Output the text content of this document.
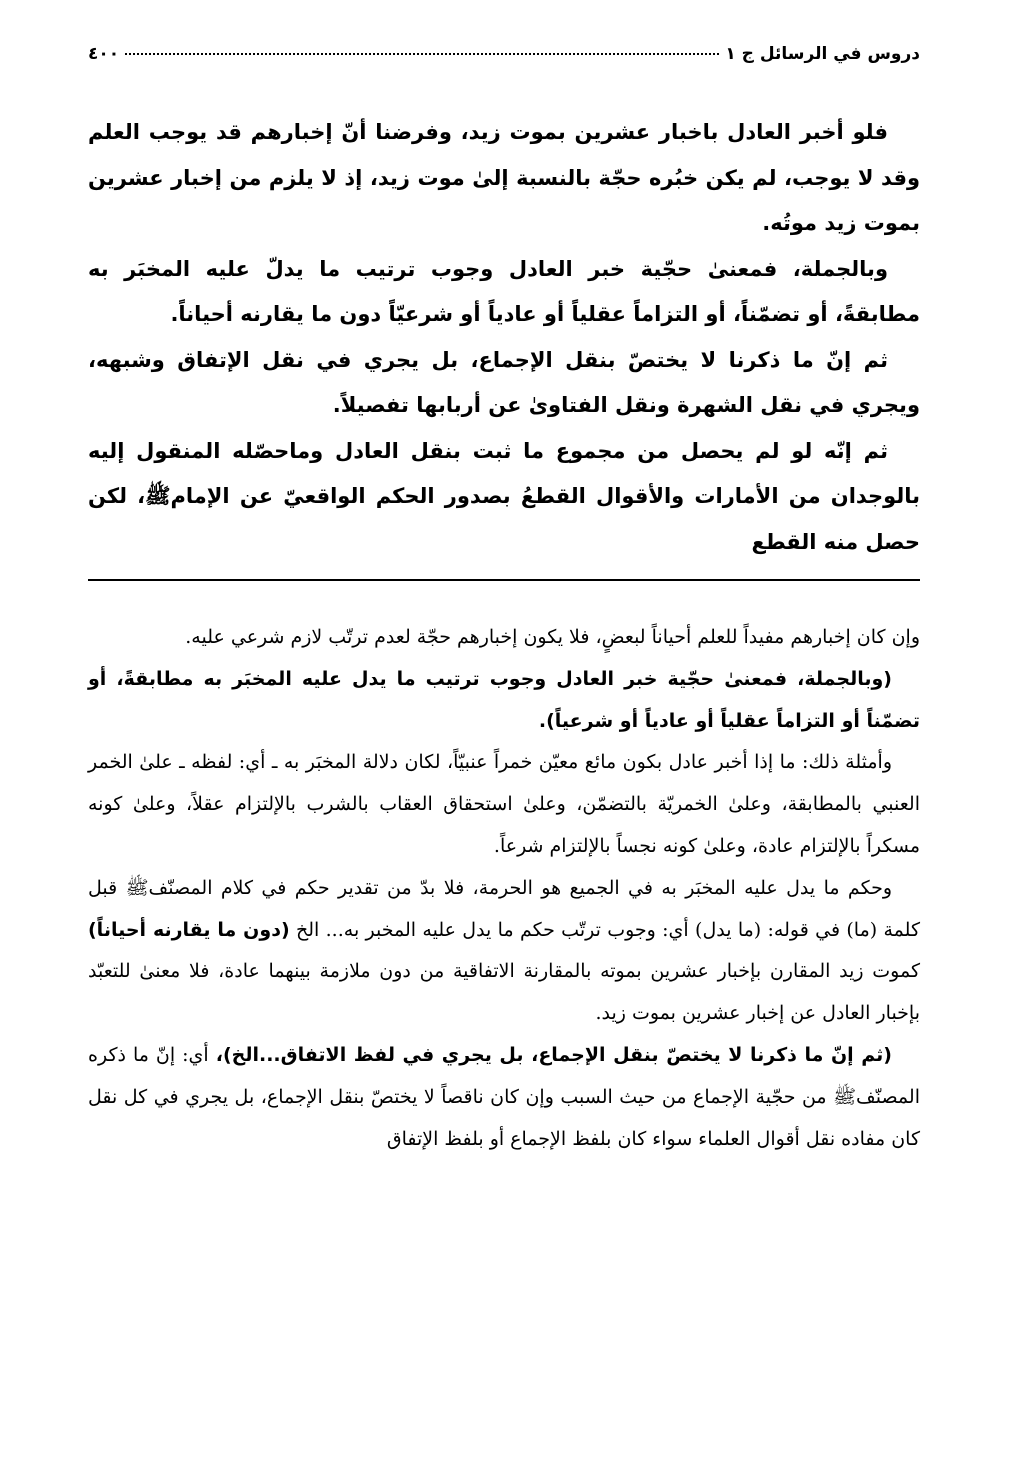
دروس في الرسائل ج ١
٤٠٠

فلو أخبر العادل باخبار عشرين بموت زيد، وفرضنا أنّ إخبارهم قد يوجب العلم وقد لا يوجب، لم يكن خبُره حجّة بالنسبة إلىٰ موت زيد، إذ لا يلزم من إخبار عشرين بموت زيد موتُه.

وبالجملة، فمعنىٰ حجّية خبر العادل وجوب ترتيب ما يدلّ عليه المخبَر به مطابقةً، أو تضمّناً، أو التزاماً عقلياً أو عادياً أو شرعيّاً دون ما يقارنه أحياناً.

ثم إنّ ما ذكرنا لا يختصّ بنقل الإجماع، بل يجري في نقل الإتفاق وشبهه، ويجري في نقل الشهرة ونقل الفتاوىٰ عن أربابها تفصيلاً.

ثم إنّه لو لم يحصل من مجموع ما ثبت بنقل العادل وماحصّله المنقول إليه بالوجدان من الأمارات والأقوال القطعُ بصدور الحكم الواقعيّ عن الإمام‏ﷺ، لكن حصل منه القطع

وإن كان إخبارهم مفيداً للعلم أحياناً لبعضٍ، فلا يكون إخبارهم حجّة لعدم ترتّب لازم شرعي عليه.

(وبالجملة، فمعنىٰ حجّية خبر العادل وجوب ترتيب ما يدل عليه المخبَر به مطابقةً، أو تضمّناً أو التزاماً عقلياً أو عادياً أو شرعياً).

وأمثلة ذلك: ما إذا أخبر عادل بكون مائع معيّن خمراً عنبيّاً، لكان دلالة المخبَر به ـ أي: لفظه ـ علىٰ الخمر العنبي بالمطابقة، وعلىٰ الخمريّة بالتضمّن، وعلىٰ استحقاق العقاب بالشرب بالإلتزام عقلاً، وعلىٰ كونه مسكراً بالإلتزام عادة، وعلىٰ كونه نجساً بالإلتزام شرعاً.

وحكم ما يدل عليه المخبَر به في الجميع هو الحرمة، فلا بدّ من تقدير حكم في كلام المصنّف‏ﷺ قبل كلمة (ما) في قوله: (ما يدل) أي: وجوب ترتّب حكم ما يدل عليه المخبر به... الخ (دون ما يقارنه أحياناً) كموت زيد المقارن بإخبار عشرين بموته بالمقارنة الاتفاقية من دون ملازمة بينهما عادة، فلا معنىٰ للتعبّد بإخبار العادل عن إخبار عشرين بموت زيد.

(ثم إنّ ما ذكرنا لا يختصّ بنقل الإجماع، بل يجري في لفظ الاتفاق...الخ)، أي: إنّ ما ذكره المصنّف‏ﷺ من حجّية الإجماع من حيث السبب وإن كان ناقصاً لا يختصّ بنقل الإجماع، بل يجري في كل نقل كان مفاده نقل أقوال العلماء سواء كان بلفظ الإجماع أو بلفظ الإتفاق
